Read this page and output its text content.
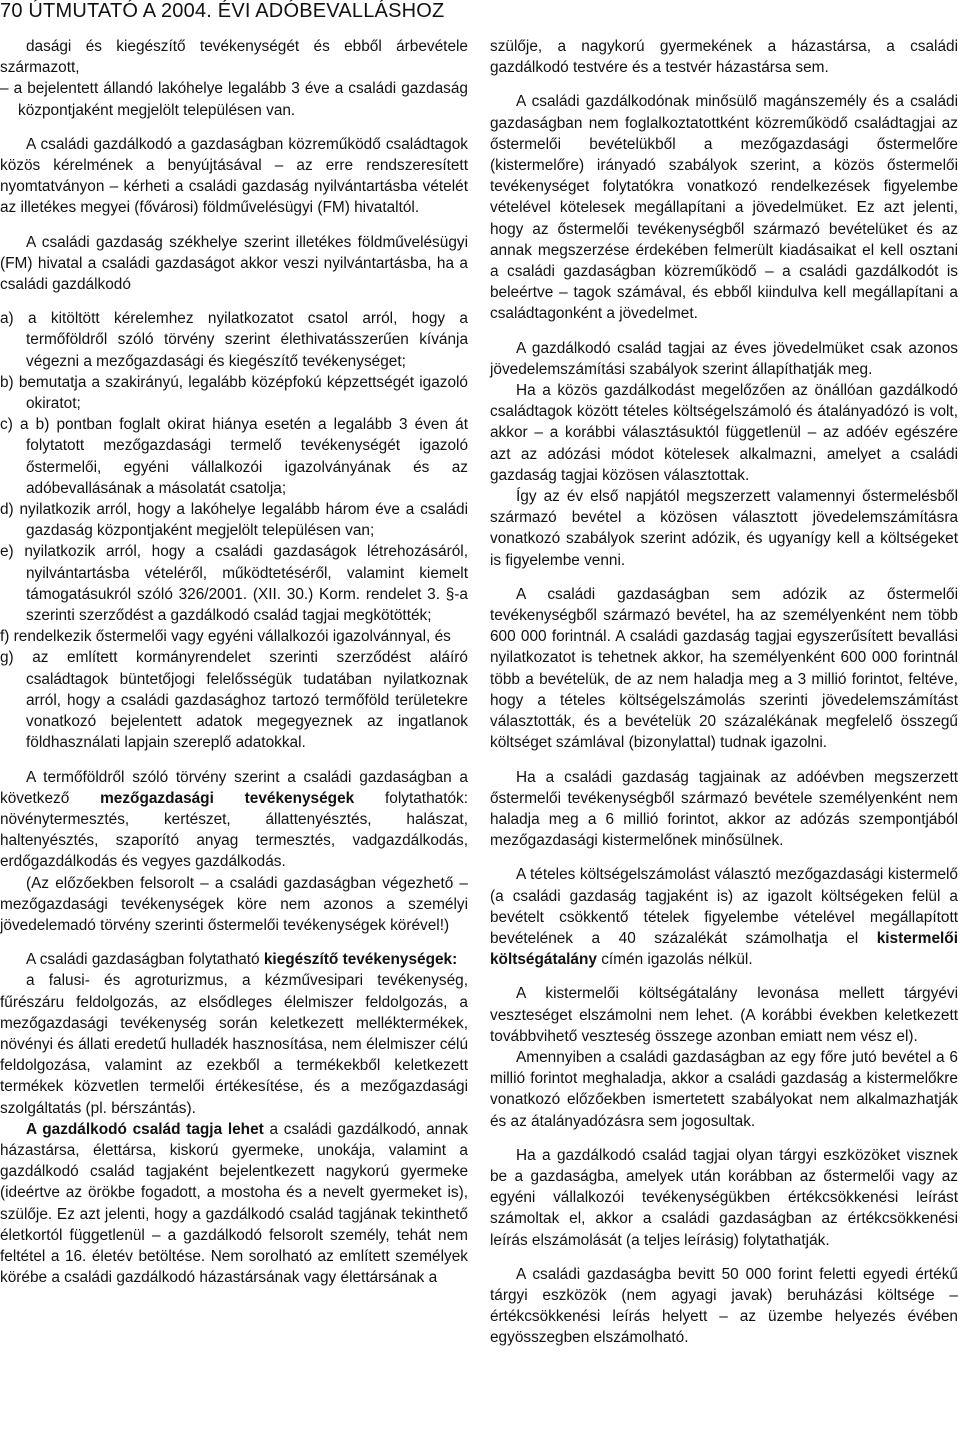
70 ÚTMUTATÓ A 2004. ÉVI ADÓBEVALLÁSHOZ

dasági és kiegészítő tevékenységét és ebből árbevétele származott,

– a bejelentett állandó lakóhelye legalább 3 éve a családi gazdaság központjaként megjelölt településen van.

A családi gazdálkodó a gazdaságban közreműködő családtagok közös kérelmének a benyújtásával – az erre rendszeresített nyomtatványon – kérheti a családi gazdaság nyilvántartásba vételét az illetékes megyei (fővárosi) földművelésügyi (FM) hivataltól.

A családi gazdaság székhelye szerint illetékes földművelésügyi (FM) hivatal a családi gazdaságot akkor veszi nyilvántartásba, ha a családi gazdálkodó

a) a kitöltött kérelemhez nyilatkozatot csatol arról, hogy a termőföldről szóló törvény szerint élethivatásszerűen kívánja végezni a mezőgazdasági és kiegészítő tevékenységet;

b) bemutatja a szakirányú, legalább középfokú képzettségét igazoló okiratot;

c) a b) pontban foglalt okirat hiánya esetén a legalább 3 éven át folytatott mezőgazdasági termelő tevékenységét igazoló őstermelői, egyéni vállalkozói igazolványának és az adóbevallásának a másolatát csatolja;

d) nyilatkozik arról, hogy a lakóhelye legalább három éve a családi gazdaság központjaként megjelölt településen van;

e) nyilatkozik arról, hogy a családi gazdaságok létrehozásáról, nyilvántartásba vételéről, működtetéséről, valamint kiemelt támogatásukról szóló 326/2001. (XII. 30.) Korm. rendelet 3. §-a szerinti szerződést a gazdálkodó család tagjai megkötötték;

f) rendelkezik őstermelői vagy egyéni vállalkozói igazolvánnyal, és

g) az említett kormányrendelet szerinti szerződést aláíró családtagok büntetőjogi felelősségük tudatában nyilatkoznak arról, hogy a családi gazdasághoz tartozó termőföld területekre vonatkozó bejelentett adatok megegyeznek az ingatlanok földhasználati lapjain szereplő adatokkal.

A termőföldről szóló törvény szerint a családi gazdaságban a következő mezőgazdasági tevékenységek folytathatók: növénytermesztés, kertészet, állattenyésztés, halászat, haltenyésztés, szaporító anyag termesztés, vadgazdálkodás, erdőgazdálkodás és vegyes gazdálkodás.

(Az előzőekben felsorolt – a családi gazdaságban végezhető – mezőgazdasági tevékenységek köre nem azonos a személyi jövedelemadó törvény szerinti őstermelői tevékenységek körével!)

A családi gazdaságban folytatható kiegészítő tevékenységek:

a falusi- és agroturizmus, a kézművesipari tevékenység, fűrészáru feldolgozás, az elsődleges élelmiszer feldolgozás, a mezőgazdasági tevékenység során keletkezett melléktermékek, növényi és állati eredetű hulladék hasznosítása, nem élelmiszer célú feldolgozása, valamint az ezekből a termékekből keletkezett termékek közvetlen termelői értékesítése, és a mezőgazdasági szolgáltatás (pl. bérszántás).

A gazdálkodó család tagja lehet a családi gazdálkodó, annak házastársa, élettársa, kiskorú gyermeke, unokája, valamint a gazdálkodó család tagjaként bejelentkezett nagykorú gyermeke (ideértve az örökbe fogadott, a mostoha és a nevelt gyermeket is), szülője. Ez azt jelenti, hogy a gazdálkodó család tagjának tekinthető életkortól függetlenül – a gazdálkodó felsorolt személy, tehát nem feltétel a 16. életév betöltése. Nem sorolható az említett személyek körébe a családi gazdálkodó házastársának vagy élettársának a

szülője, a nagykorú gyermekének a házastársa, a családi gazdálkodó testvére és a testvér házastársa sem.

A családi gazdálkodónak minősülő magánszemély és a családi gazdaságban nem foglalkoztatottként közreműködő családtagjai az őstermelői bevételükből a mezőgazdasági őstermelőre (kistermelőre) irányadó szabályok szerint, a közös őstermelői tevékenységet folytatókra vonatkozó rendelkezések figyelembe vételével kötelesek megállapítani a jövedelmüket. Ez azt jelenti, hogy az őstermelői tevékenységből származó bevételüket és az annak megszerzése érdekében felmerült kiadásaikat el kell osztani a családi gazdaságban közreműködő – a családi gazdálkodót is beleértve – tagok számával, és ebből kiindulva kell megállapítani a családtagonként a jövedelmet.

A gazdálkodó család tagjai az éves jövedelmüket csak azonos jövedelemszámítási szabályok szerint állapíthatják meg.

Ha a közös gazdálkodást megelőzően az önállóan gazdálkodó családtagok között tételes költségelszámoló és átalányadózó is volt, akkor – a korábbi választásuktól függetlenül – az adóév egészére azt az adózási módot kötelesek alkalmazni, amelyet a családi gazdaság tagjai közösen választottak.

Így az év első napjától megszerzett valamennyi őstermelésből származó bevétel a közösen választott jövedelemszámításra vonatkozó szabályok szerint adózik, és ugyanígy kell a költségeket is figyelembe venni.

A családi gazdaságban sem adózik az őstermelői tevékenységből származó bevétel, ha az személyenként nem több 600 000 forintnál. A családi gazdaság tagjai egyszerűsített bevallási nyilatkozatot is tehetnek akkor, ha személyenként 600 000 forintnál több a bevételük, de az nem haladja meg a 3 millió forintot, feltéve, hogy a tételes költségelszámolás szerinti jövedelemszámítást választották, és a bevételük 20 százalékának megfelelő összegű költséget számlával (bizonylattal) tudnak igazolni.

Ha a családi gazdaság tagjainak az adóévben megszerzett őstermelői tevékenységből származó bevétele személyenként nem haladja meg a 6 millió forintot, akkor az adózás szempontjából mezőgazdasági kistermelőnek minősülnek.

A tételes költségelszámolást választó mezőgazdasági kistermelő (a családi gazdaság tagjaként is) az igazolt költségeken felül a bevételt csökkentő tételek figyelembe vételével megállapított bevételének a 40 százalékát számolhatja el kistermelői költségátalány címén igazolás nélkül.

A kistermelői költségátalány levonása mellett tárgyévi veszteséget elszámolni nem lehet. (A korábbi években keletkezett továbbvihető veszteség összege azonban emiatt nem vész el).

Amennyiben a családi gazdaságban az egy főre jutó bevétel a 6 millió forintot meghaladja, akkor a családi gazdaság a kistermelőkre vonatkozó előzőekben ismertetett szabályokat nem alkalmazhatják és az átalányadózásra sem jogosultak.

Ha a gazdálkodó család tagjai olyan tárgyi eszközöket visznek be a gazdaságba, amelyek után korábban az őstermelői vagy az egyéni vállalkozói tevékenységükben értékcsökkenési leírást számoltak el, akkor a családi gazdaságban az értékcsökkenési leírás elszámolását (a teljes leírásig) folytathatják.

A családi gazdaságba bevitt 50 000 forint feletti egyedi értékű tárgyi eszközök (nem agyagi javak) beruházási költsége – értékcsökkenési leírás helyett – az üzembe helyezés évében egyösszegben elszámolható.
